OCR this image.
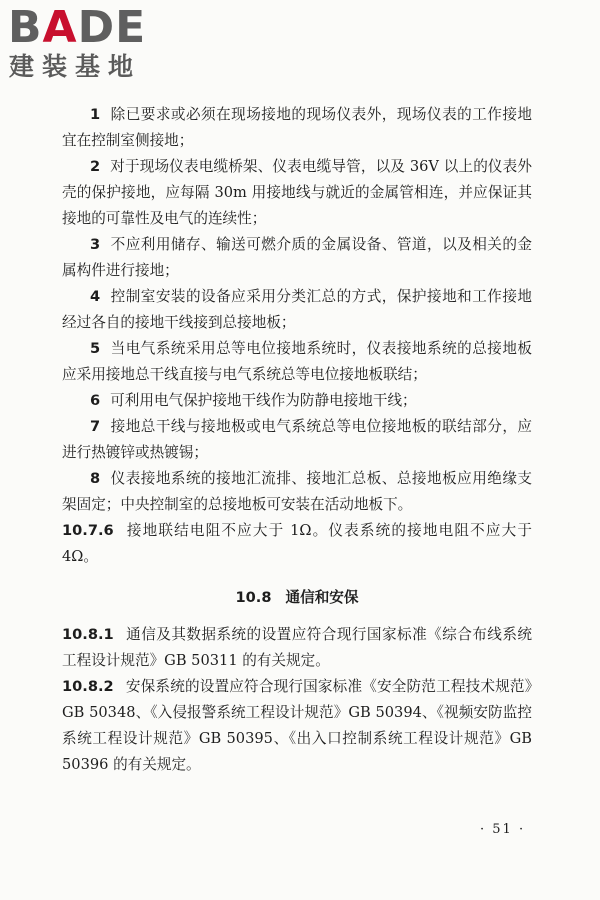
BADE
建装基地

1 除已要求或必须在现场接地的现场仪表外，现场仪表的工作接地宜在控制室侧接地；

2 对于现场仪表电缆桥架、仪表电缆导管，以及 36V 以上的仪表外壳的保护接地，应每隔 30m 用接地线与就近的金属管相连，并应保证其接地的可靠性及电气的连续性；

3 不应利用储存、输送可燃介质的金属设备、管道，以及相关的金属构件进行接地；

4 控制室安装的设备应采用分类汇总的方式，保护接地和工作接地经过各自的接地干线接到总接地板；

5 当电气系统采用总等电位接地系统时，仪表接地系统的总接地板应采用接地总干线直接与电气系统总等电位接地板联结；

6 可利用电气保护接地干线作为防静电接地干线；

7 接地总干线与接地极或电气系统总等电位接地板的联结部分，应进行热镀锌或热镀锡；

8 仪表接地系统的接地汇流排、接地汇总板、总接地板应用绝缘支架固定；中央控制室的总接地板可安装在活动地板下。

10.7.6 接地联结电阻不应大于 1Ω。仪表系统的接地电阻不应大于 4Ω。

10.8 通信和安保

10.8.1 通信及其数据系统的设置应符合现行国家标准《综合布线系统工程设计规范》GB 50311 的有关规定。

10.8.2 安保系统的设置应符合现行国家标准《安全防范工程技术规范》GB 50348、《入侵报警系统工程设计规范》GB 50394、《视频安防监控系统工程设计规范》GB 50395、《出入口控制系统工程设计规范》GB 50396 的有关规定。

· 51 ·
